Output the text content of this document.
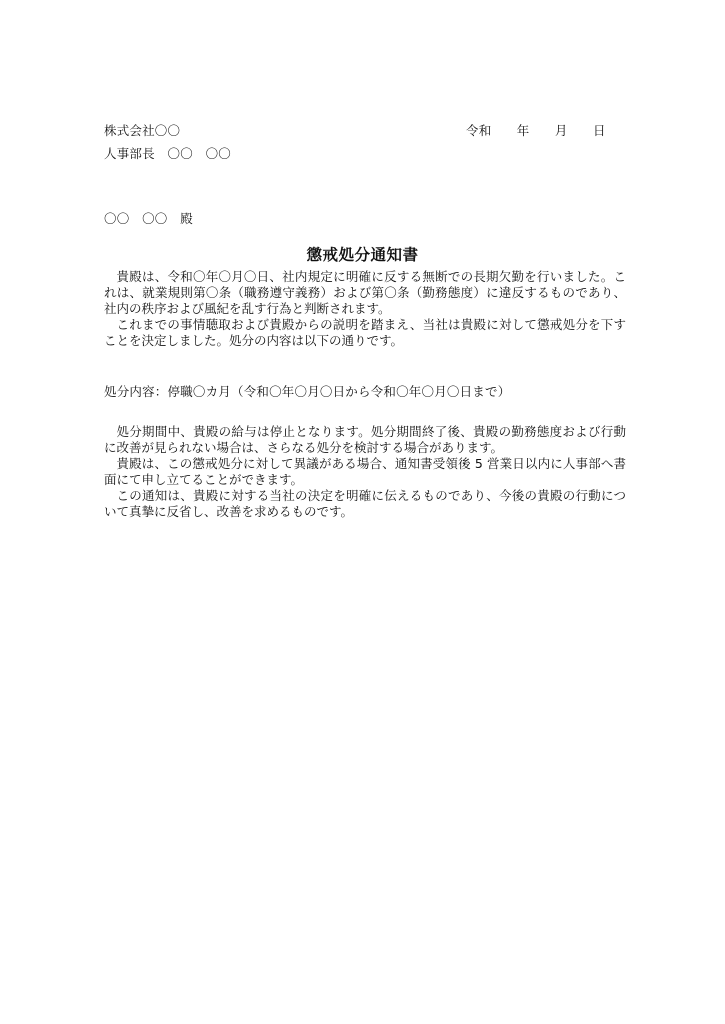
株式会社〇〇
人事部長　〇〇　〇〇
令和　　年　　月　　日
〇〇　〇〇　殿
懲戒処分通知書

貴殿は、令和〇年〇月〇日、社内規定に明確に反する無断での長期欠勤を行いました。これは、就業規則第〇条（職務遵守義務）および第〇条（勤務態度）に違反するものであり、社内の秩序および風紀を乱す行為と判断されます。

これまでの事情聴取および貴殿からの説明を踏まえ、当社は貴殿に対して懲戒処分を下すことを決定しました。処分の内容は以下の通りです。

処分内容：停職〇カ月（令和〇年〇月〇日から令和〇年〇月〇日まで）

処分期間中、貴殿の給与は停止となります。処分期間終了後、貴殿の勤務態度および行動に改善が見られない場合は、さらなる処分を検討する場合があります。

貴殿は、この懲戒処分に対して異議がある場合、通知書受領後 5 営業日以内に人事部へ書面にて申し立てることができます。

この通知は、貴殿に対する当社の決定を明確に伝えるものであり、今後の貴殿の行動について真摯に反省し、改善を求めるものです。
